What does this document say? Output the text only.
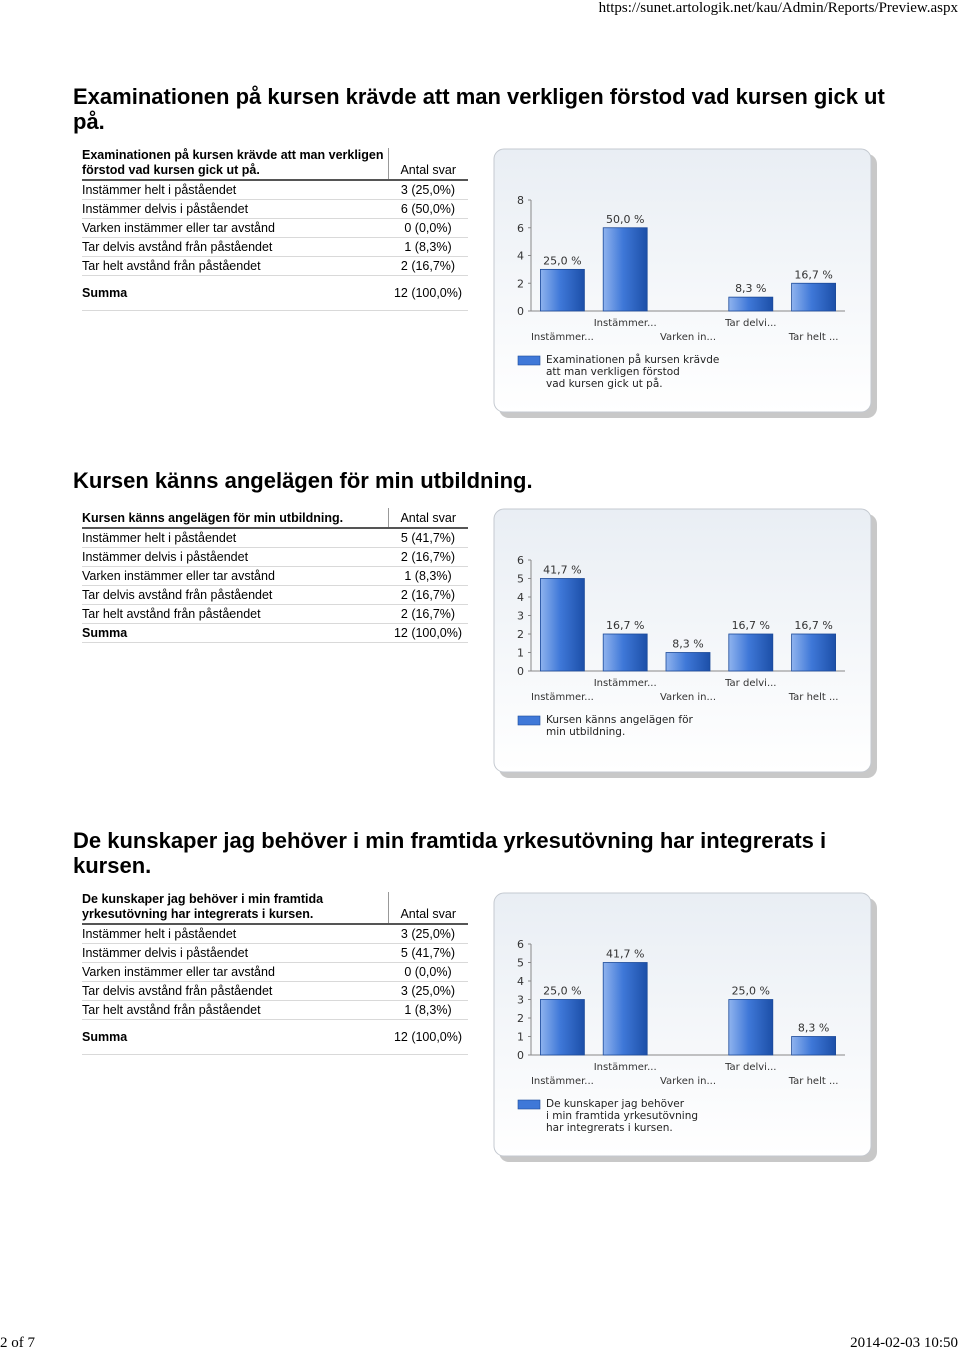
https://sunet.artologik.net/kau/Admin/Reports/Preview.aspx
Examinationen på kursen krävde att man verkligen förstod vad kursen gick ut på.
Examinationen på kursen krävde att man verkligen förstod vad kursen gick ut på.	Antal svar
Instämmer helt i påståendet	3 (25,0%)
Instämmer delvis i påståendet	6 (50,0%)
Varken instämmer eller tar avstånd	0 (0,0%)
Tar delvis avstånd från påståendet	1 (8,3%)
Tar helt avstånd från påståendet	2 (16,7%)
Summa	12 (100,0%)
0
2
4
6
8
25,0 %
Instämmer...
50,0 %
Instämmer...
Varken in...
8,3 %
Tar delvi...
16,7 %
Tar helt ...
Examinationen på kursen krävde
att man verkligen förstod
vad kursen gick ut på.
Kursen känns angelägen för min utbildning.
Kursen känns angelägen för min utbildning.	Antal svar
Instämmer helt i påståendet	5 (41,7%)
Instämmer delvis i påståendet	2 (16,7%)
Varken instämmer eller tar avstånd	1 (8,3%)
Tar delvis avstånd från påståendet	2 (16,7%)
Tar helt avstånd från påståendet	2 (16,7%)
Summa	12 (100,0%)
0
1
2
3
4
5
6
41,7 %
Instämmer...
16,7 %
Instämmer...
8,3 %
Varken in...
16,7 %
Tar delvi...
16,7 %
Tar helt ...
Kursen känns angelägen för
min utbildning.
De kunskaper jag behöver i min framtida yrkesutövning har integrerats i kursen.
De kunskaper jag behöver i min framtida yrkesutövning har integrerats i kursen.	Antal svar
Instämmer helt i påståendet	3 (25,0%)
Instämmer delvis i påståendet	5 (41,7%)
Varken instämmer eller tar avstånd	0 (0,0%)
Tar delvis avstånd från påståendet	3 (25,0%)
Tar helt avstånd från påståendet	1 (8,3%)
Summa	12 (100,0%)
0
1
2
3
4
5
6
25,0 %
Instämmer...
41,7 %
Instämmer...
Varken in...
25,0 %
Tar delvi...
8,3 %
Tar helt ...
De kunskaper jag behöver
i min framtida yrkesutövning
har integrerats i kursen.
2 of 7	2014-02-03 10:50
